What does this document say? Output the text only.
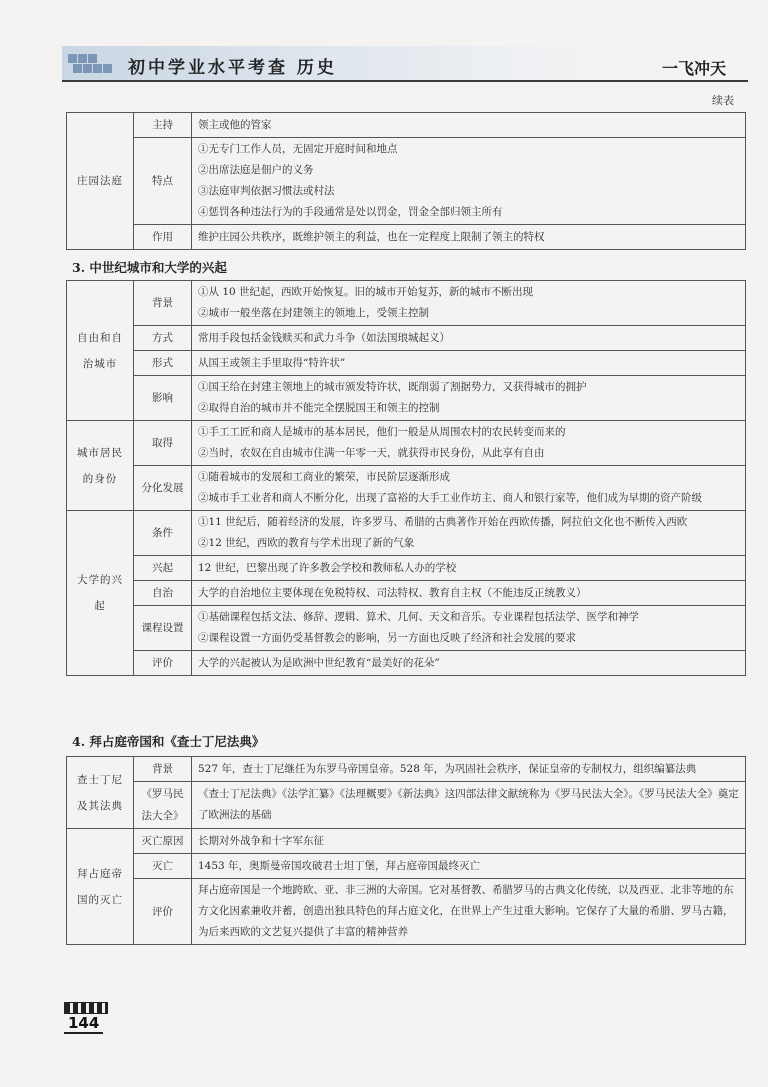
初中学业水平考查 历史	一飞冲天
续表
庄园法庭	主持	领主或他的管家

	特点	①无专门工作人员，无固定开庭时间和地点
②出席法庭是佃户的义务
③法庭审判依据习惯法或村法
④惩罚各种违法行为的手段通常是处以罚金，罚金全部归领主所有

	作用	维护庄园公共秩序，既维护领主的利益，也在一定程度上限制了领主的特权
3. 中世纪城市和大学的兴起
自由和自治城市	背景	①从 10 世纪起，西欧开始恢复。旧的城市开始复苏，新的城市不断出现
②城市一般坐落在封建领主的领地上，受领主控制

	方式	常用手段包括金钱赎买和武力斗争（如法国琅城起义）

	形式	从国王或领主手里取得“特许状”

	影响	①国王给在封建主领地上的城市颁发特许状，既削弱了割据势力，又获得城市的拥护
②取得自治的城市并不能完全摆脱国王和领主的控制

城市居民的身份	取得	①手工工匠和商人是城市的基本居民，他们一般是从周围农村的农民转变而来的
②当时，农奴在自由城市住满一年零一天，就获得市民身份，从此享有自由

	分化发展	①随着城市的发展和工商业的繁荣，市民阶层逐渐形成
②城市手工业者和商人不断分化，出现了富裕的大手工业作坊主、商人和银行家等，他们成为早期的资产阶级

大学的兴起	条件	①11 世纪后，随着经济的发展，许多罗马、希腊的古典著作开始在西欧传播，阿拉伯文化也不断传入西欧
②12 世纪，西欧的教育与学术出现了新的气象

	兴起	12 世纪，巴黎出现了许多教会学校和教师私人办的学校

	自治	大学的自治地位主要体现在免税特权、司法特权、教育自主权（不能违反正统教义）

	课程设置	①基础课程包括文法、修辞、逻辑、算术、几何、天文和音乐。专业课程包括法学、医学和神学
②课程设置一方面仍受基督教会的影响，另一方面也反映了经济和社会发展的要求

	评价	大学的兴起被认为是欧洲中世纪教育“最美好的花朵”
4. 拜占庭帝国和《查士丁尼法典》
查士丁尼及其法典	背景	527 年，查士丁尼继任为东罗马帝国皇帝。528 年，为巩固社会秩序，保证皇帝的专制权力，组织编纂法典

	《罗马民法大全》	《查士丁尼法典》《法学汇纂》《法理概要》《新法典》这四部法律文献统称为《罗马民法大全》。《罗马民法大全》奠定了欧洲法的基础

拜占庭帝国的灭亡	灭亡原因	长期对外战争和十字军东征

	灭亡	1453 年，奥斯曼帝国攻破君士坦丁堡，拜占庭帝国最终灭亡

	评价	拜占庭帝国是一个地跨欧、亚、非三洲的大帝国。它对基督教、希腊罗马的古典文化传统，以及西亚、北非等地的东方文化因素兼收并蓄，创造出独具特色的拜占庭文化，在世界上产生过重大影响。它保存了大量的希腊、罗马古籍，为后来西欧的文艺复兴提供了丰富的精神营养
144
